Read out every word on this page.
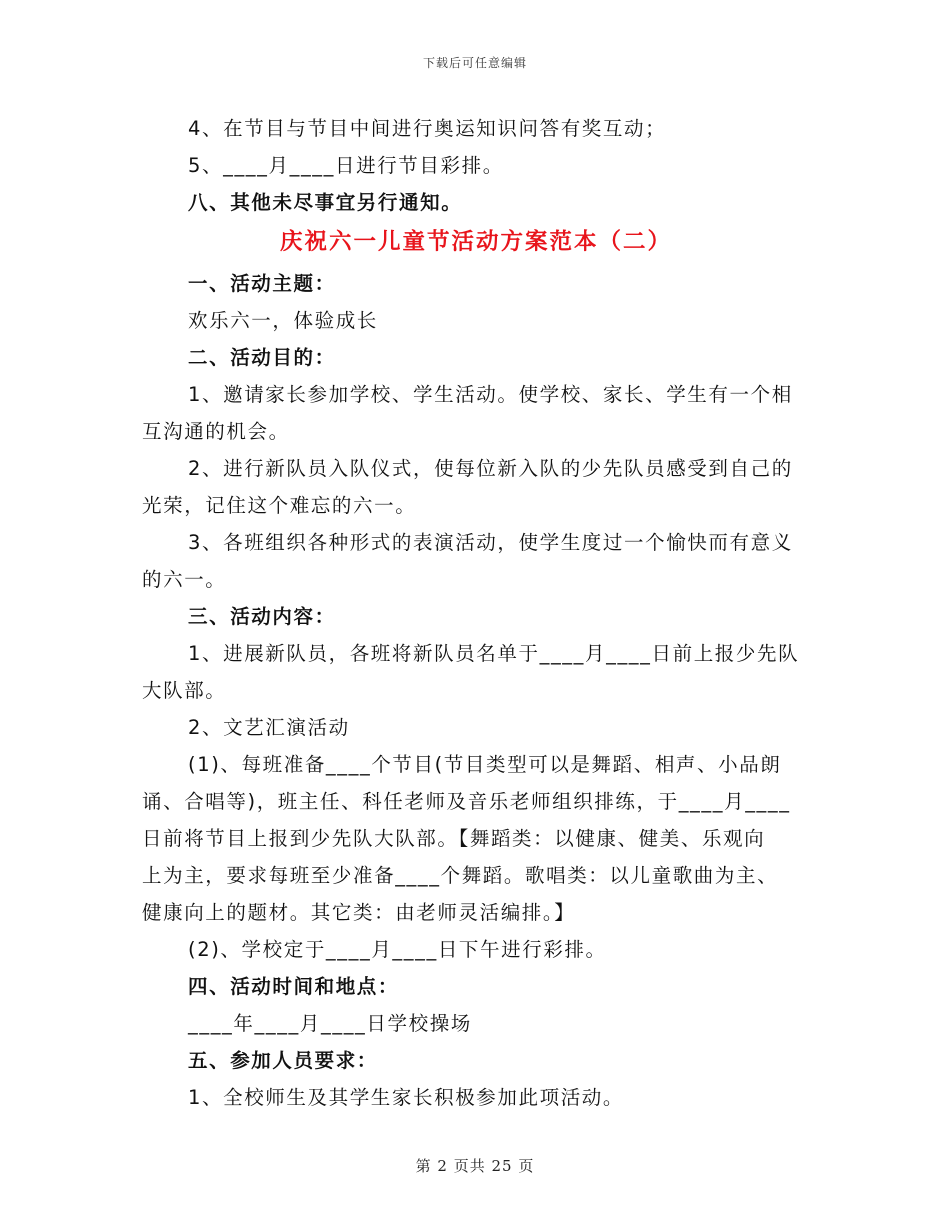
下载后可任意编辑
4、在节目与节目中间进行奥运知识问答有奖互动；
5、____月____日进行节目彩排。
八、其他未尽事宜另行通知。
庆祝六一儿童节活动方案范本（二）
一、活动主题：
欢乐六一，体验成长
二、活动目的：
1、邀请家长参加学校、学生活动。使学校、家长、学生有一个相
互沟通的机会。
2、进行新队员入队仪式，使每位新入队的少先队员感受到自己的
光荣，记住这个难忘的六一。
3、各班组织各种形式的表演活动，使学生度过一个愉快而有意义
的六一。
三、活动内容：
1、进展新队员，各班将新队员名单于____月____日前上报少先队
大队部。
2、文艺汇演活动
(1)、每班准备____个节目(节目类型可以是舞蹈、相声、小品朗
诵、合唱等)，班主任、科任老师及音乐老师组织排练，于____月____
日前将节目上报到少先队大队部。【舞蹈类：以健康、健美、乐观向
上为主，要求每班至少准备____个舞蹈。歌唱类：以儿童歌曲为主、
健康向上的题材。其它类：由老师灵活编排。】
(2)、学校定于____月____日下午进行彩排。
四、活动时间和地点：
____年____月____日学校操场
五、参加人员要求：
1、全校师生及其学生家长积极参加此项活动。
第 2 页共 25 页
